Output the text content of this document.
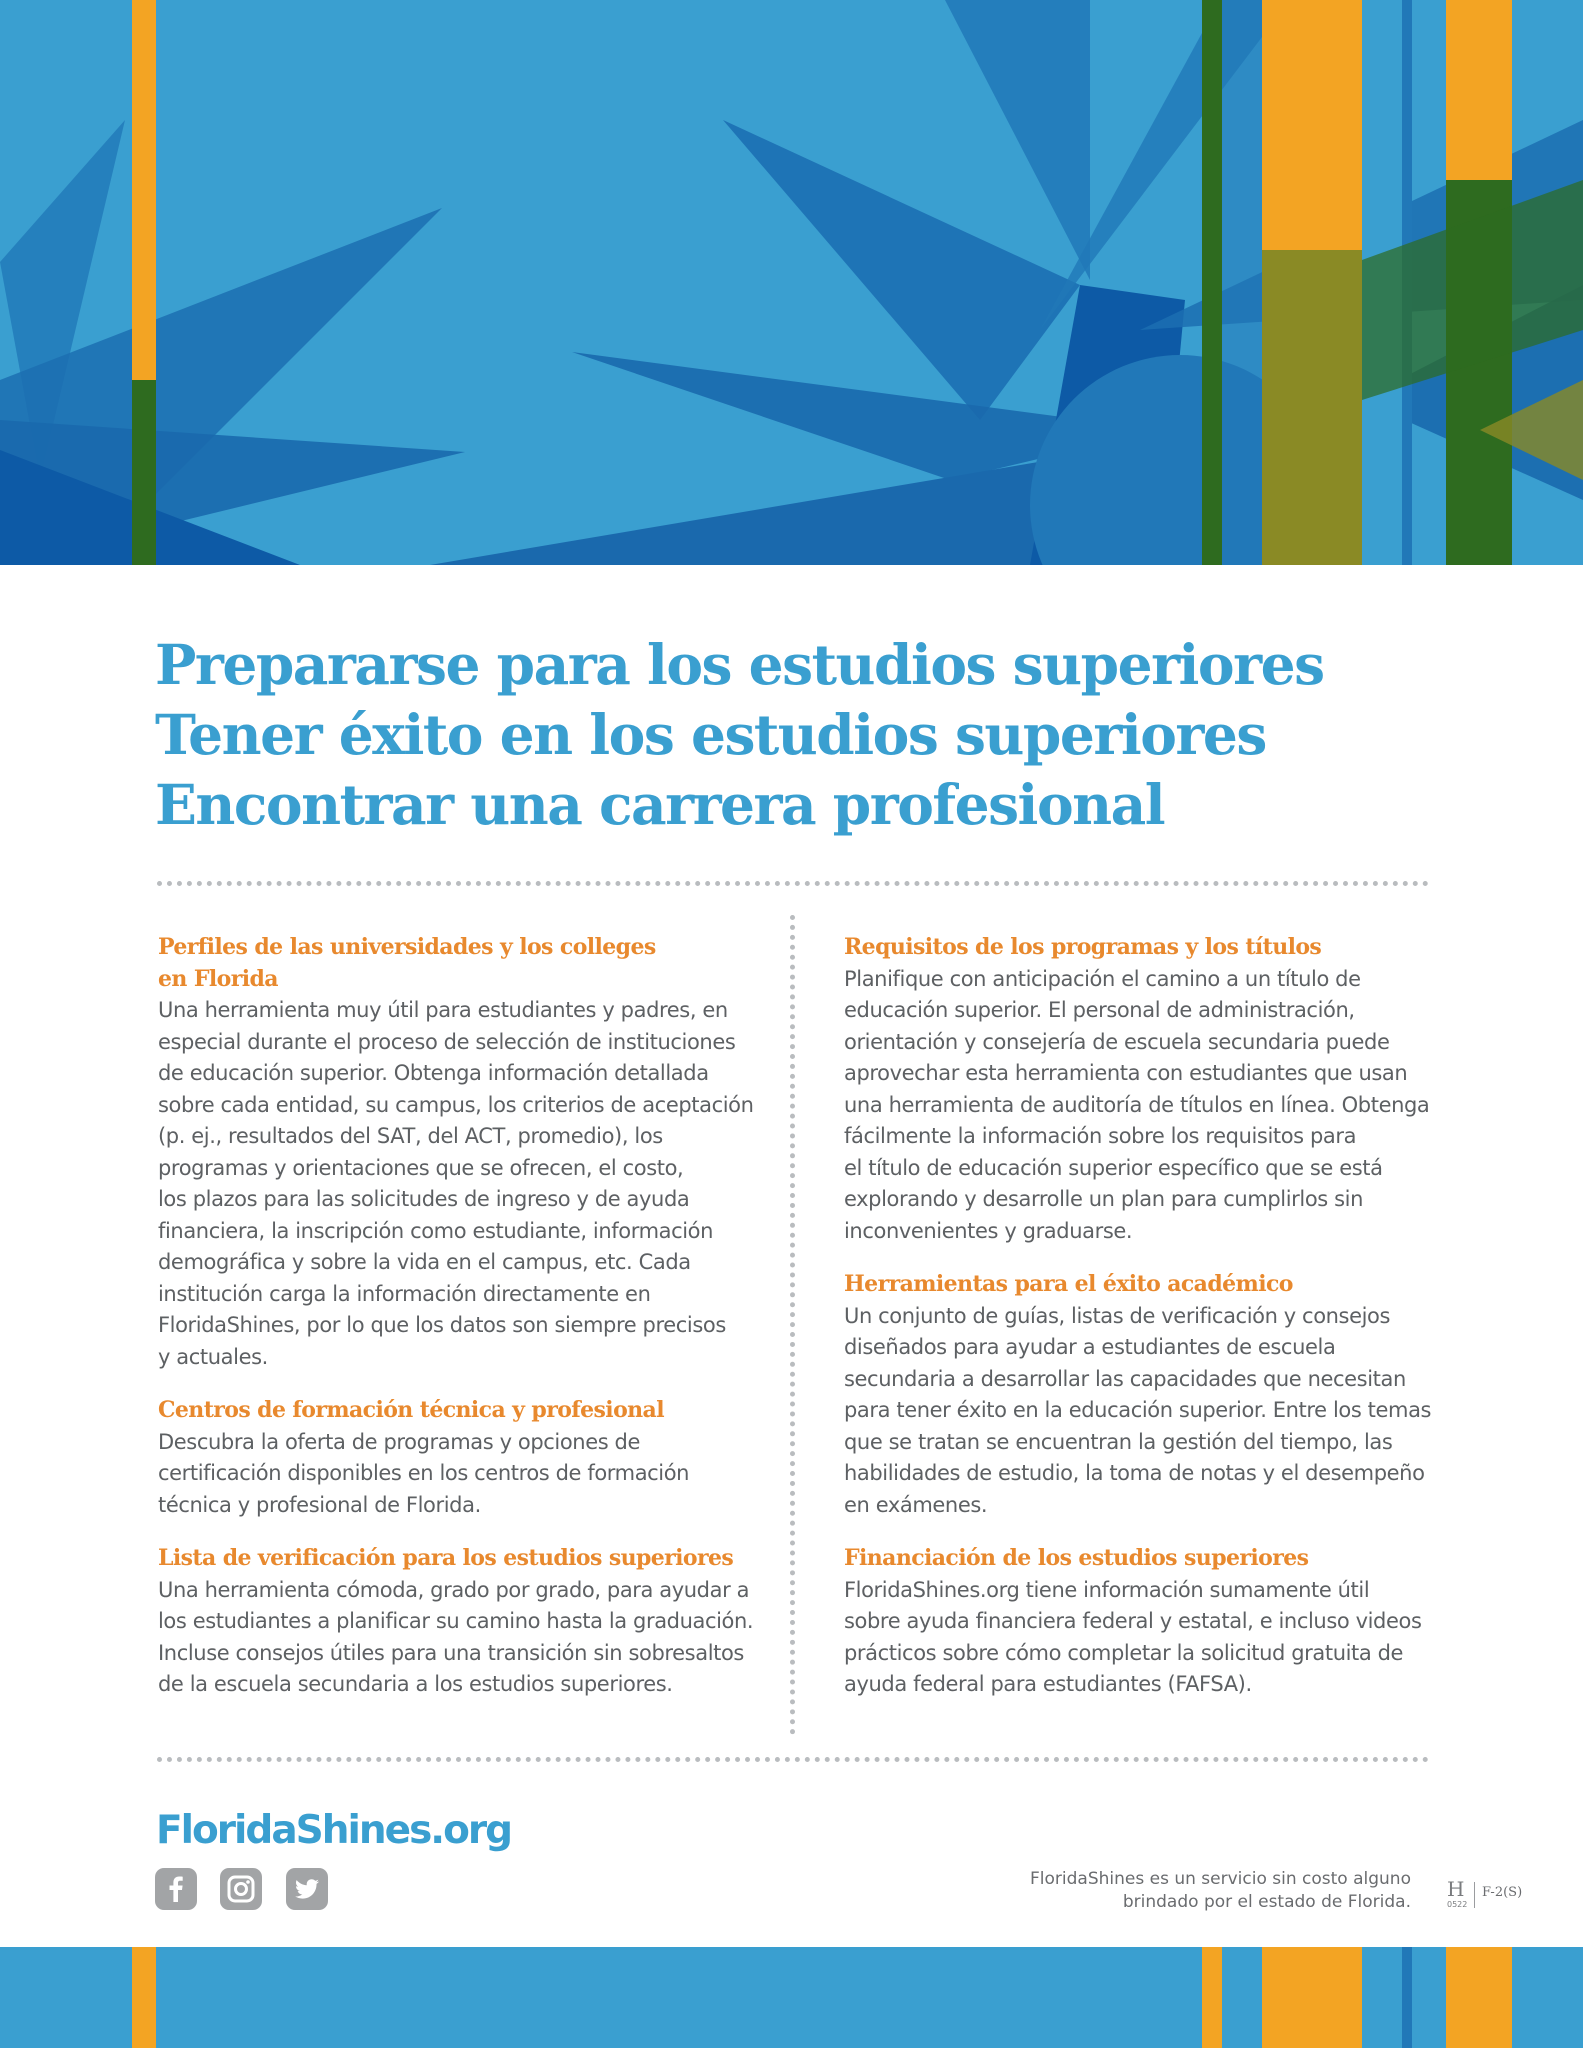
Prepararse para los estudios superiores
Tener éxito en los estudios superiores
Encontrar una carrera profesional
Perfiles de las universidades y los colleges
en Florida
Una herramienta muy útil para estudiantes y padres, en
especial durante el proceso de selección de instituciones
de educación superior. Obtenga información detallada
sobre cada entidad, su campus, los criterios de aceptación
(p. ej., resultados del SAT, del ACT, promedio), los
programas y orientaciones que se ofrecen, el costo,
los plazos para las solicitudes de ingreso y de ayuda
financiera, la inscripción como estudiante, información
demográfica y sobre la vida en el campus, etc. Cada
institución carga la información directamente en
FloridaShines, por lo que los datos son siempre precisos
y actuales.
Centros de formación técnica y profesional
Descubra la oferta de programas y opciones de
certificación disponibles en los centros de formación
técnica y profesional de Florida.
Lista de verificación para los estudios superiores
Una herramienta cómoda, grado por grado, para ayudar a
los estudiantes a planificar su camino hasta la graduación.
Incluse consejos útiles para una transición sin sobresaltos
de la escuela secundaria a los estudios superiores.
Requisitos de los programas y los títulos
Planifique con anticipación el camino a un título de
educación superior. El personal de administración,
orientación y consejería de escuela secundaria puede
aprovechar esta herramienta con estudiantes que usan
una herramienta de auditoría de títulos en línea. Obtenga
fácilmente la información sobre los requisitos para
el título de educación superior específico que se está
explorando y desarrolle un plan para cumplirlos sin
inconvenientes y graduarse.
Herramientas para el éxito académico
Un conjunto de guías, listas de verificación y consejos
diseñados para ayudar a estudiantes de escuela
secundaria a desarrollar las capacidades que necesitan
para tener éxito en la educación superior. Entre los temas
que se tratan se encuentran la gestión del tiempo, las
habilidades de estudio, la toma de notas y el desempeño
en exámenes.
Financiación de los estudios superiores
FloridaShines.org tiene información sumamente útil
sobre ayuda financiera federal y estatal, e incluso videos
prácticos sobre cómo completar la solicitud gratuita de
ayuda federal para estudiantes (FAFSA).
FloridaShines.org
FloridaShines es un servicio sin costo alguno
brindado por el estado de Florida.
H
0522
F-2(S)
